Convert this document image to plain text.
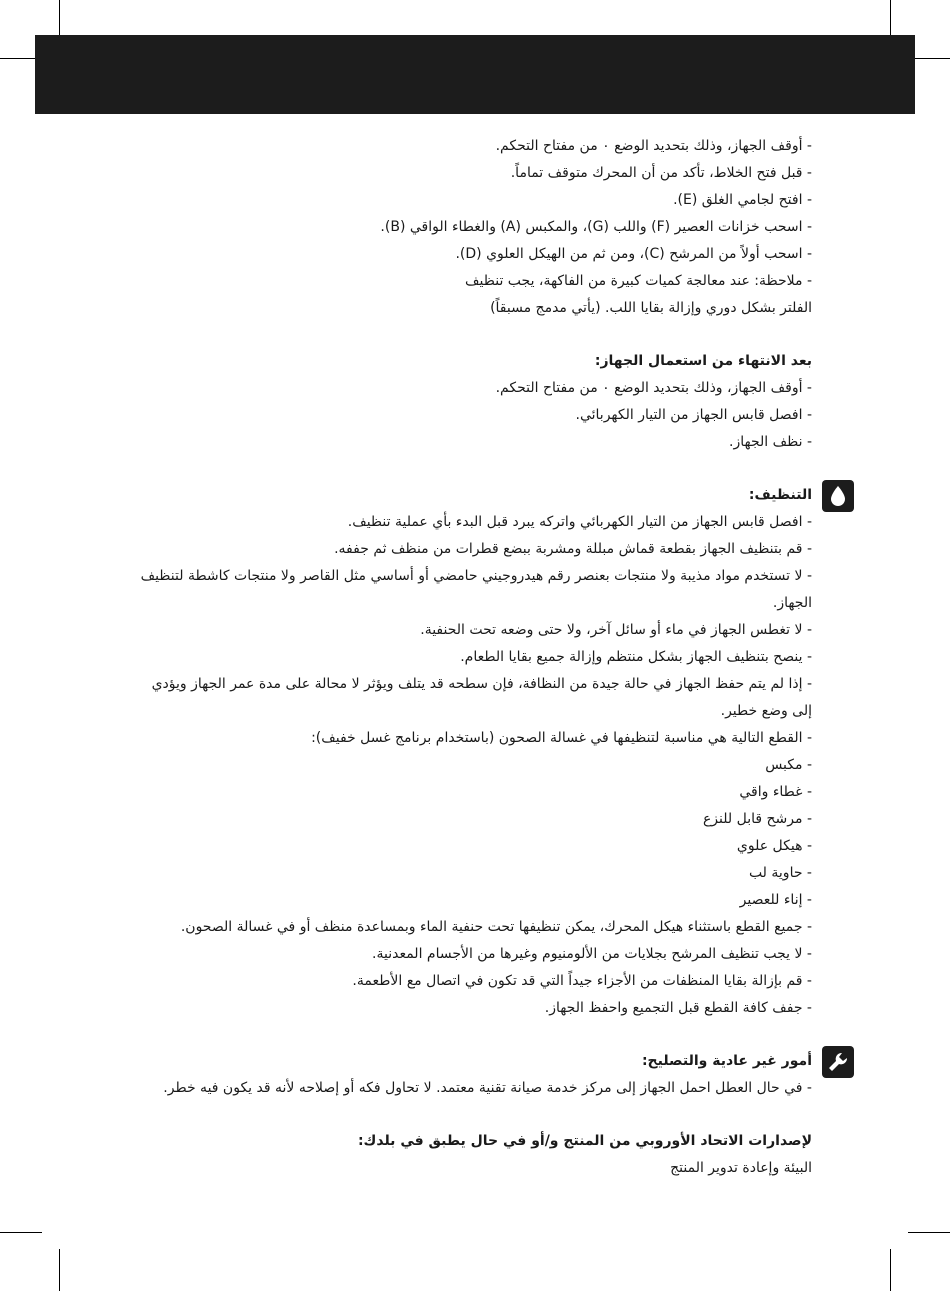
- أوقف الجهاز، وذلك بتحديد الوضع ٠ من مفتاح التحكم.
- قبل فتح الخلاط، تأكد من أن المحرك متوقف تماماً.
- افتح لجامي الغلق (E).
- اسحب خزانات العصير (F) واللب (G)، والمكبس (A) والغطاء الواقي (B).
- اسحب أولاً من المرشح (C)، ومن ثم من الهيكل العلوي (D).
- ملاحظة: عند معالجة كميات كبيرة من الفاكهة، يجب تنظيف
الفلتر بشكل دوري وإزالة بقايا اللب. (يأتي مدمج مسبقاً)
بعد الانتهاء من استعمال الجهاز:
- أوقف الجهاز، وذلك بتحديد الوضع ٠ من مفتاح التحكم.
- افصل قابس الجهاز من التيار الكهربائي.
- نظف الجهاز.
التنظيف:
- افصل قابس الجهاز من التيار الكهربائي واتركه يبرد قبل البدء بأي عملية تنظيف.
- قم بتنظيف الجهاز بقطعة قماش مبللة ومشربة ببضع قطرات من منظف ثم جففه.
- لا تستخدم مواد مذيبة ولا منتجات بعنصر رقم هيدروجيني حامضي أو أساسي مثل القاصر ولا منتجات كاشطة لتنظيف
الجهاز.
- لا تغطس الجهاز في ماء أو سائل آخر، ولا حتى وضعه تحت الحنفية.
- ينصح بتنظيف الجهاز بشكل منتظم وإزالة جميع بقايا الطعام.
- إذا لم يتم حفظ الجهاز في حالة جيدة من النظافة، فإن سطحه قد يتلف ويؤثر لا محالة على مدة عمر الجهاز ويؤدي
إلى وضع خطير.
- القطع التالية هي مناسبة لتنظيفها في غسالة الصحون (باستخدام برنامج غسل خفيف):
- مكبس
- غطاء واقي
- مرشح قابل للنزع
- هيكل علوي
- حاوية لب
- إناء للعصير
- جميع القطع باستثناء هيكل المحرك، يمكن تنظيفها تحت حنفية الماء وبمساعدة منظف أو في غسالة الصحون.
- لا يجب تنظيف المرشح بجلايات من الألومنيوم وغيرها من الأجسام المعدنية.
- قم بإزالة بقايا المنظفات من الأجزاء جيداً التي قد تكون في اتصال مع الأطعمة.
- جفف كافة القطع قبل التجميع واحفظ الجهاز.
أمور غير عادية والتصليح:
- في حال العطل احمل الجهاز إلى مركز خدمة صيانة تقنية معتمد. لا تحاول فكه أو إصلاحه لأنه قد يكون فيه خطر.
لإصدارات الاتحاد الأوروبي من المنتج و/أو في حال يطبق في بلدك:
البيئة وإعادة تدوير المنتج
